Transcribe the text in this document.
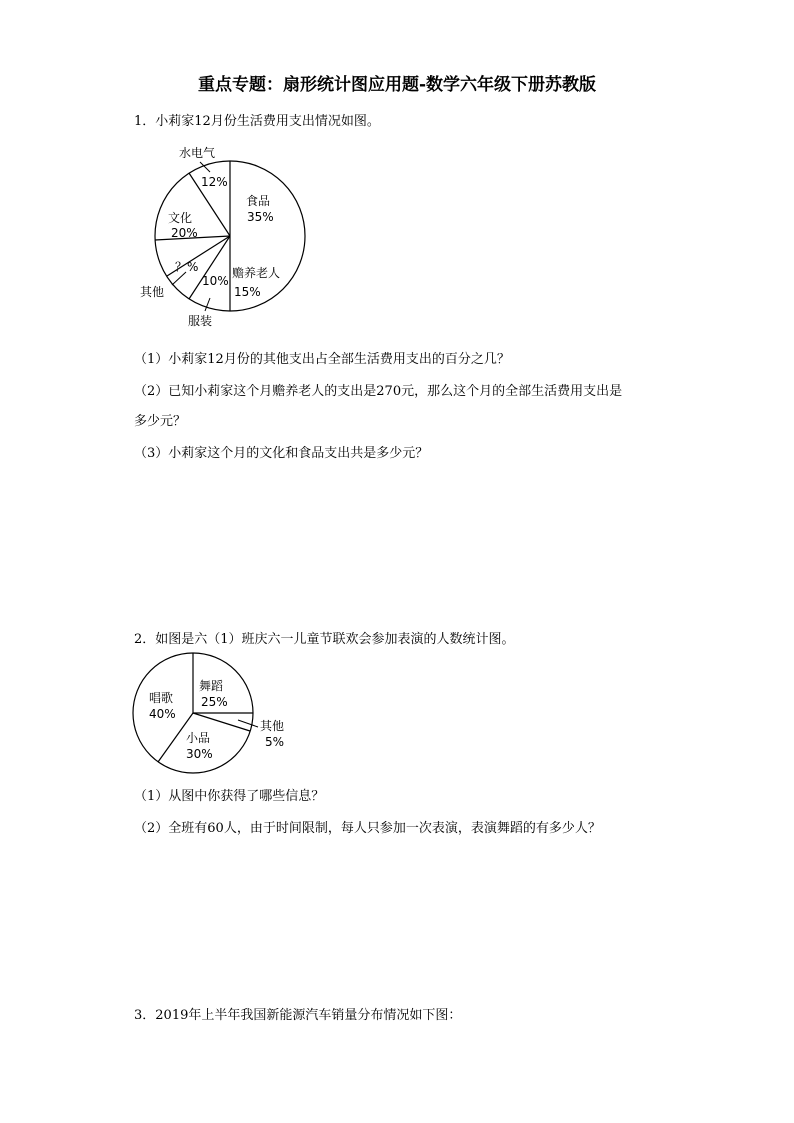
重点专题：扇形统计图应用题-数学六年级下册苏教版
1．小莉家12月份生活费用支出情况如图。
食品
35%
赡养老人
15%
10%
服装
？%
其他
文化
20%
水电气
12%
（1）小莉家12月份的其他支出占全部生活费用支出的百分之几？
（2）已知小莉家这个月赡养老人的支出是270元，那么这个月的全部生活费用支出是
多少元？
（3）小莉家这个月的文化和食品支出共是多少元？
2．如图是六（1）班庆六一儿童节联欢会参加表演的人数统计图。
舞蹈
25%
其他
5%
小品
30%
唱歌
40%
（1）从图中你获得了哪些信息？
（2）全班有60人，由于时间限制，每人只参加一次表演，表演舞蹈的有多少人？
3．2019年上半年我国新能源汽车销量分布情况如下图：
